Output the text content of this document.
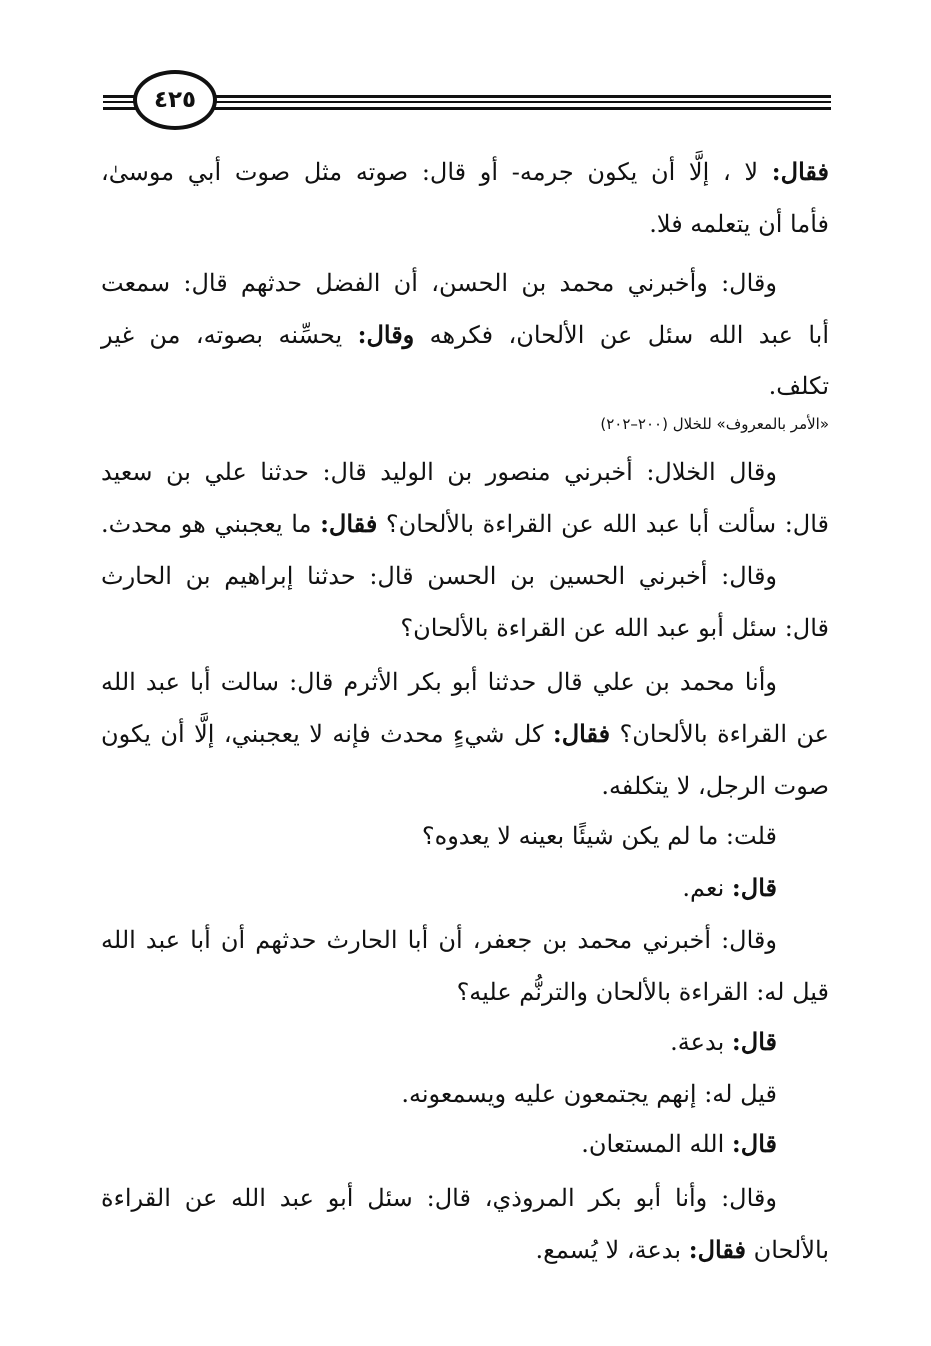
٤٢٥
فقال: لا ، إلَّا أن يكون جرمه- أو قال: صوته مثل صوت أبي موسىٰ،
فأما أن يتعلمه فلا.
وقال: وأخبرني محمد بن الحسن، أن الفضل حدثهم قال: سمعت
أبا عبد الله سئل عن الألحان، فكرهه وقال: يحسِّنه بصوته، من غير
تكلف.
وقال الخلال: أخبرني منصور بن الوليد قال: حدثنا علي بن سعيد
قال: سألت أبا عبد الله عن القراءة بالألحان؟ فقال: ما يعجبني هو محدث.
وقال: أخبرني الحسين بن الحسن قال: حدثنا إبراهيم بن الحارث
قال: سئل أبو عبد الله عن القراءة بالألحان؟
وأنا محمد بن علي قال حدثنا أبو بكر الأثرم قال: سالت أبا عبد الله
عن القراءة بالألحان؟ فقال: كل شيءٍ محدث فإنه لا يعجبني، إلَّا أن يكون
صوت الرجل، لا يتكلفه.
قلت: ما لم يكن شيئًا بعينه لا يعدوه؟
قال: نعم.
وقال: أخبرني محمد بن جعفر، أن أبا الحارث حدثهم أن أبا عبد الله
قيل له: القراءة بالألحان والترنُّم عليه؟
قال: بدعة.
قيل له: إنهم يجتمعون عليه ويسمعونه.
قال: الله المستعان.
وقال: وأنا أبو بكر المروذي، قال: سئل أبو عبد الله عن القراءة
بالألحان فقال: بدعة، لا يُسمع.
«الأمر بالمعروف» للخلال (٢٠٠–٢٠٢)
